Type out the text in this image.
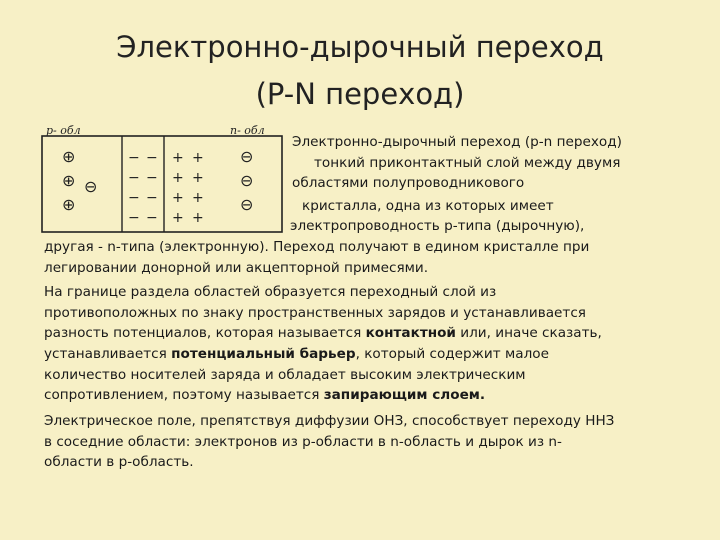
Электронно-дырочный переход
(P-N переход)
p- обл	n- обл
⊕
⊕ ⊖
⊕
⊖
⊖
⊖
− −
− −
− −
− −
+ +
+ +
+ +
+ +
Электронно-дырочный переход (p-n переход)
тонкий приконтактный слой между двумя
областями полупроводникового
кристалла, одна из которых имеет
электропроводность p-типа (дырочную),
другая - n-типа (электронную). Переход получают в едином кристалле при
легировании донорной или акцепторной примесями.
На границе раздела областей образуется переходный слой из
противоположных по знаку пространственных зарядов и устанавливается
разность потенциалов, которая называется контактной или, иначе сказать,
устанавливается потенциальный барьер, который содержит малое
количество носителей заряда и обладает высоким электрическим
сопротивлением, поэтому называется запирающим слоем.
Электрическое поле, препятствуя диффузии ОНЗ, способствует переходу ННЗ
в соседние области: электронов из p-области в n-область и дырок из n-
области в p-область.
